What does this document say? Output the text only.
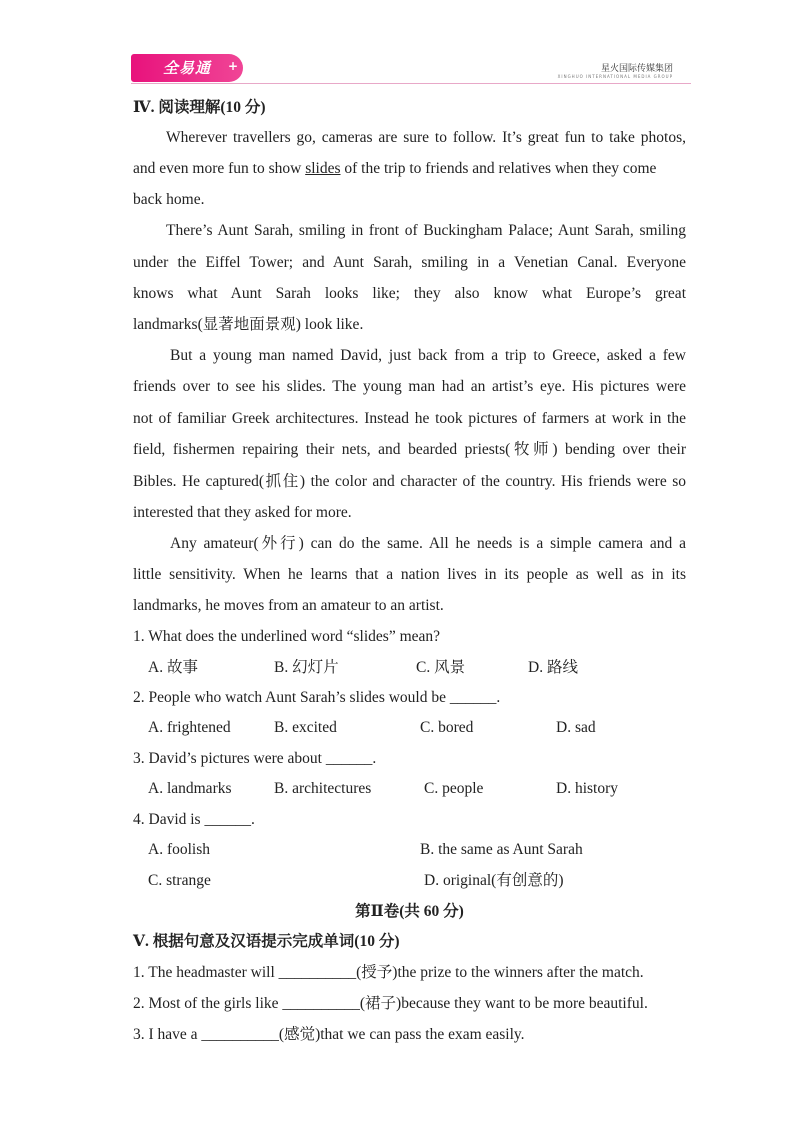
全易通 +	星火国际传媒集团
XINGHUO INTERNATIONAL MEDIA GROUP
Ⅳ. 阅读理解(10 分)
Wherever travellers go, cameras are sure to follow. It’s great fun to take photos,
and even more fun to show slides of the trip to friends and relatives when they come
back home.
There’s Aunt Sarah, smiling in front of Buckingham Palace; Aunt Sarah, smiling
under the Eiffel Tower; and Aunt Sarah, smiling in a Venetian Canal. Everyone
knows what Aunt Sarah looks like; they also know what Europe’s great
landmarks(显著地面景观) look like.
But a young man named David, just back from a trip to Greece, asked a few
friends over to see his slides. The young man had an artist’s eye. His pictures were
not of familiar Greek architectures. Instead he took pictures of farmers at work in the
field, fishermen repairing their nets, and bearded priests(牧师) bending over their
Bibles. He captured(抓住) the color and character of the country. His friends were so
interested that they asked for more.
Any amateur(外行) can do the same. All he needs is a simple camera and a
little sensitivity. When he learns that a nation lives in its people as well as in its
landmarks, he moves from an amateur to an artist.
1. What does the underlined word “slides” mean?
A. 故事	B. 幻灯片	C. 风景	D. 路线
2. People who watch Aunt Sarah’s slides would be ______.
A. frightened	B. excited	C. bored	D. sad
3. David’s pictures were about ______.
A. landmarks	B. architectures	C. people	D. history
4. David is ______.
A. foolish	B. the same as Aunt Sarah
C. strange	D. original(有创意的)
第Ⅱ卷(共 60 分)
Ⅴ. 根据句意及汉语提示完成单词(10 分)
1. The headmaster will __________(授予)the prize to the winners after the match.
2. Most of the girls like __________(裙子)because they want to be more beautiful.
3. I have a __________(感觉)that we can pass the exam easily.
